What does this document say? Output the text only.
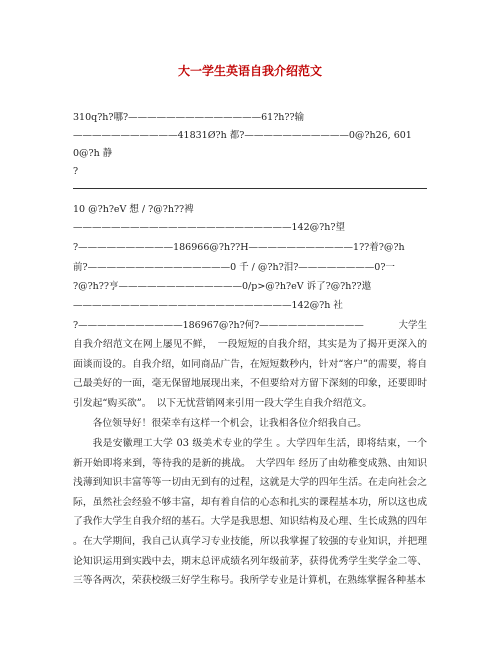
大一学生英语自我介绍范文
310q?h?哪?——————————————61?h??输
———————————41831Ø?h 都?———————————0@?h26, 601
0@?h 静
?
10 @?h?eV 想 / ?@?h??裨
———————————————————————142@?h?望
?——————————186966@?h??H———————————1??着?@?h
前?———————————————0 千 / @?h?泪?————————0?一
?@?h??亨—————————————0/p>@?h?eV 诉了?@?h??遨
———————————————————————142@?h 社
?———————————186967@?h?何?———————————	大学生

自我介绍范文在网上屡见不鲜，　一段短短的自我介绍，其实是为了揭开更深入的面谈而设的。自我介绍，如同商品广告，在短短数秒内，针对“客户”的需要，将自己最美好的一面，毫无保留地展现出来，不但要给对方留下深刻的印象，还要即时引发起“购买欲”。　以下无忧营销网来引用一段大学生自我介绍范文。

各位领导好！很荣幸有这样一个机会，让我相各位介绍我自己。

我是安徽理工大学 03 级美术专业的学生 。大学四年生活，即将结束，一个新开始即将来到，等待我的是新的挑战。　大学四年 经历了由幼稚变成熟、由知识浅薄到知识丰富等等一切由无到有的过程，这就是大学的四年生活。在走向社会之际，虽然社会经验不够丰富，却有着自信的心态和扎实的课程基本功，所以这也成了我作大学生自我介绍的基石。大学是我思想、知识结构及心理、生长成熟的四年 。在大学期间，我自己认真学习专业技能，所以我掌握了较强的专业知识，并把理论知识运用到实践中去，期末总评成绩名列年级前茅，获得优秀学生奖学金二等、三等各两次，荣获校级三好学生称号。我所学专业是计算机，在熟练掌握各种基本
